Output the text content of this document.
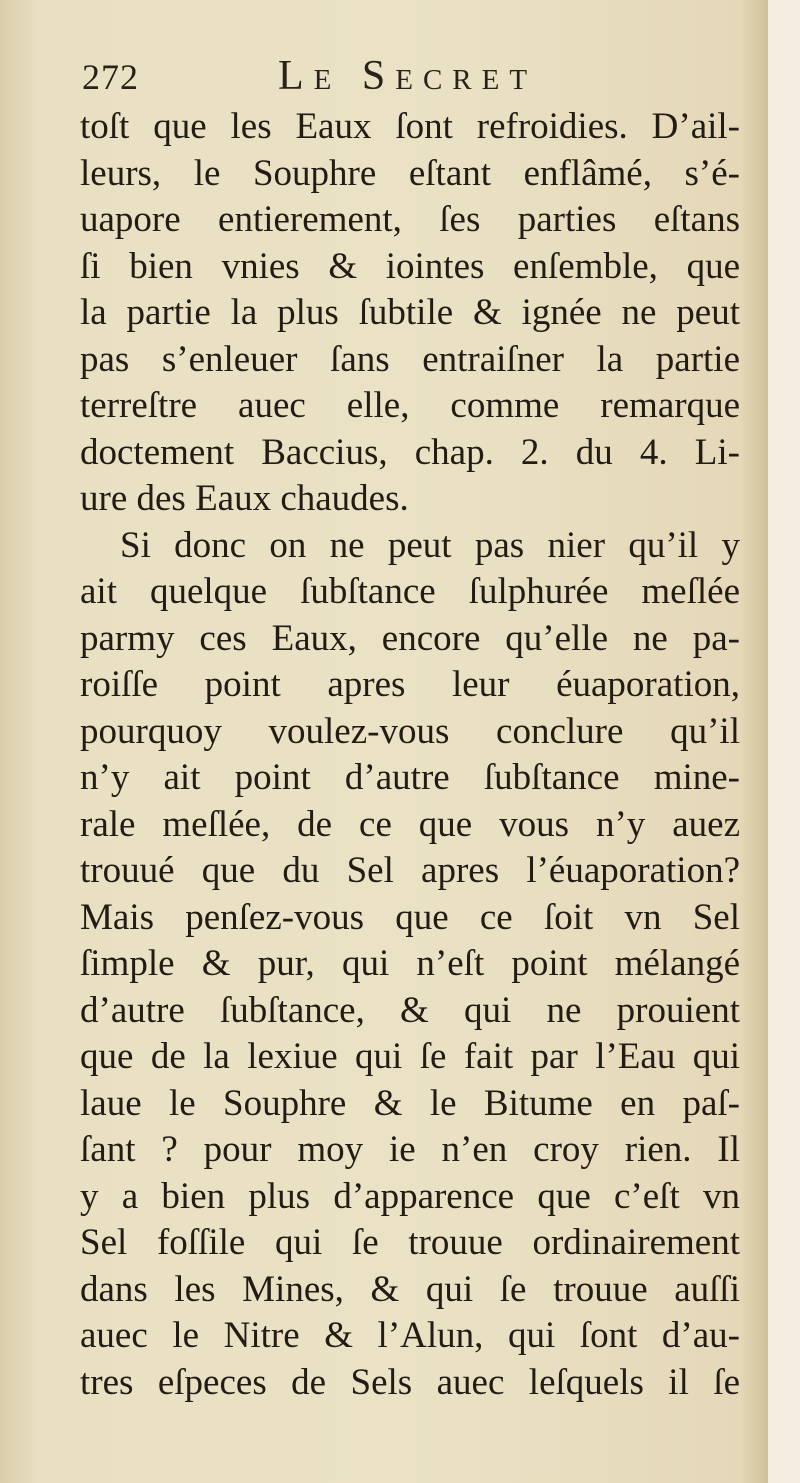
272	Le Secret
toſt que les Eaux ſont refroidies. D’ail-
leurs, le Souphre eſtant enflâmé, s’é-
uapore entierement, ſes parties eſtans
ſi bien vnies & iointes enſemble, que
la partie la plus ſubtile & ignée ne peut
pas s’enleuer ſans entraiſner la partie
terreſtre auec elle, comme remarque
doctement Baccius, chap. 2. du 4. Li-
ure des Eaux chaudes.
Si donc on ne peut pas nier qu’il y
ait quelque ſubſtance ſulphurée meſlée
parmy ces Eaux, encore qu’elle ne pa-
roiſſe point apres leur éuaporation,
pourquoy voulez-vous conclure qu’il
n’y ait point d’autre ſubſtance mine-
rale meſlée, de ce que vous n’y auez
trouué que du Sel apres l’éuaporation?
Mais penſez-vous que ce ſoit vn Sel
ſimple & pur, qui n’eſt point mélangé
d’autre ſubſtance, & qui ne prouient
que de la lexiue qui ſe fait par l’Eau qui
laue le Souphre & le Bitume en paſ-
ſant ? pour moy ie n’en croy rien. Il
y a bien plus d’apparence que c’eſt vn
Sel foſſile qui ſe trouue ordinairement
dans les Mines, & qui ſe trouue auſſi
auec le Nitre & l’Alun, qui ſont d’au-
tres eſpeces de Sels auec leſquels il ſe
